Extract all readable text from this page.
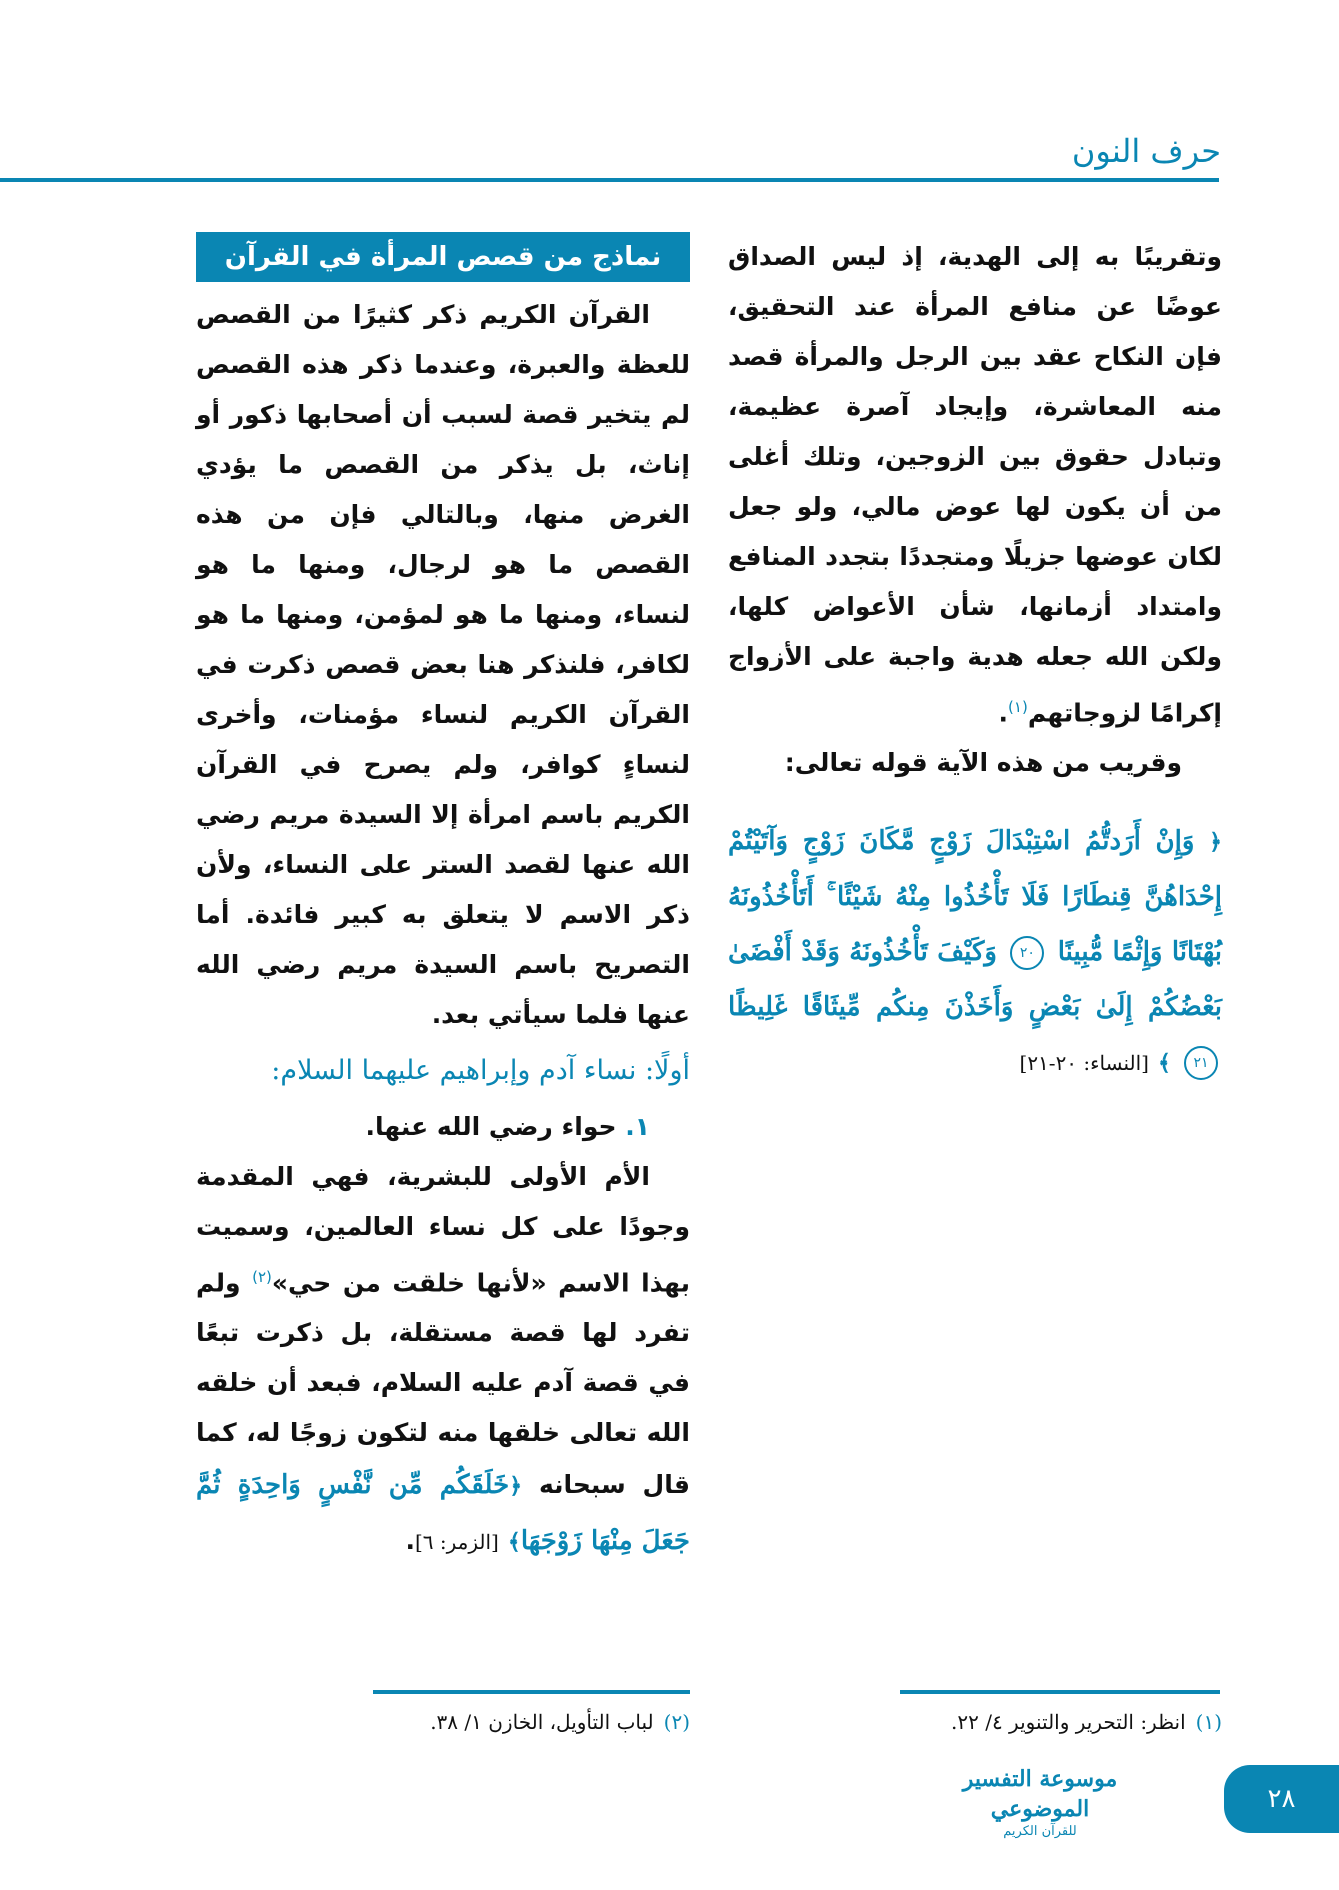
حرف النون

وتقريبًا به إلى الهدية، إذ ليس الصداق عوضًا عن منافع المرأة عند التحقيق، فإن النكاح عقد بين الرجل والمرأة قصد منه المعاشرة، وإيجاد آصرة عظيمة، وتبادل حقوق بين الزوجين، وتلك أغلى من أن يكون لها عوض مالي، ولو جعل لكان عوضها جزيلًا ومتجددًا بتجدد المنافع وامتداد أزمانها، شأن الأعواض كلها، ولكن الله جعله هدية واجبة على الأزواج إكرامًا لزوجاتهم$^{(١)}$.

وقريب من هذه الآية قوله تعالى:

﴿ وَإِنْ أَرَدتُّمُ اسْتِبْدَالَ زَوْجٍ مَّكَانَ زَوْجٍ وَآتَيْتُمْ إِحْدَاهُنَّ قِنطَارًا فَلَا تَأْخُذُوا مِنْهُ شَيْئًا ۚ أَتَأْخُذُونَهُ بُهْتَانًا وَإِثْمًا مُّبِينًا ٢٠ وَكَيْفَ تَأْخُذُونَهُ وَقَدْ أَفْضَىٰ بَعْضُكُمْ إِلَىٰ بَعْضٍ وَأَخَذْنَ مِنكُم مِّيثَاقًا غَلِيظًا ٢١ ﴾ [النساء: ٢٠-٢١]

نماذج من قصص المرأة في القرآن

القرآن الكريم ذكر كثيرًا من القصص للعظة والعبرة، وعندما ذكر هذه القصص لم يتخير قصة لسبب أن أصحابها ذكور أو إناث، بل يذكر من القصص ما يؤدي الغرض منها، وبالتالي فإن من هذه القصص ما هو لرجال، ومنها ما هو لنساء، ومنها ما هو لمؤمن، ومنها ما هو لكافر، فلنذكر هنا بعض قصص ذكرت في القرآن الكريم لنساء مؤمنات، وأخرى لنساءٍ كوافر، ولم يصرح في القرآن الكريم باسم امرأة إلا السيدة مريم رضي الله عنها لقصد الستر على النساء، ولأن ذكر الاسم لا يتعلق به كبير فائدة. أما التصريح باسم السيدة مريم رضي الله عنها فلما سيأتي بعد.

أولًا: نساء آدم وإبراهيم عليهما السلام:
١. حواء رضي الله عنها.

الأم الأولى للبشرية، فهي المقدمة وجودًا على كل نساء العالمين، وسميت بهذا الاسم «لأنها خلقت من حي»$^{(٢)}$ ولم تفرد لها قصة مستقلة، بل ذكرت تبعًا في قصة آدم عليه السلام، فبعد أن خلقه الله تعالى خلقها منه لتكون زوجًا له، كما قال سبحانه ﴿خَلَقَكُم مِّن نَّفْسٍ وَاحِدَةٍ ثُمَّ جَعَلَ مِنْهَا زَوْجَهَا﴾ [الزمر: ٦].

(١)انظر: التحرير والتنوير ٤/ ٢٢.
(٢)لباب التأويل، الخازن ١/ ٣٨.
موسوعة التفسير الموضوعي
للقرآن الكريم
٢٨
